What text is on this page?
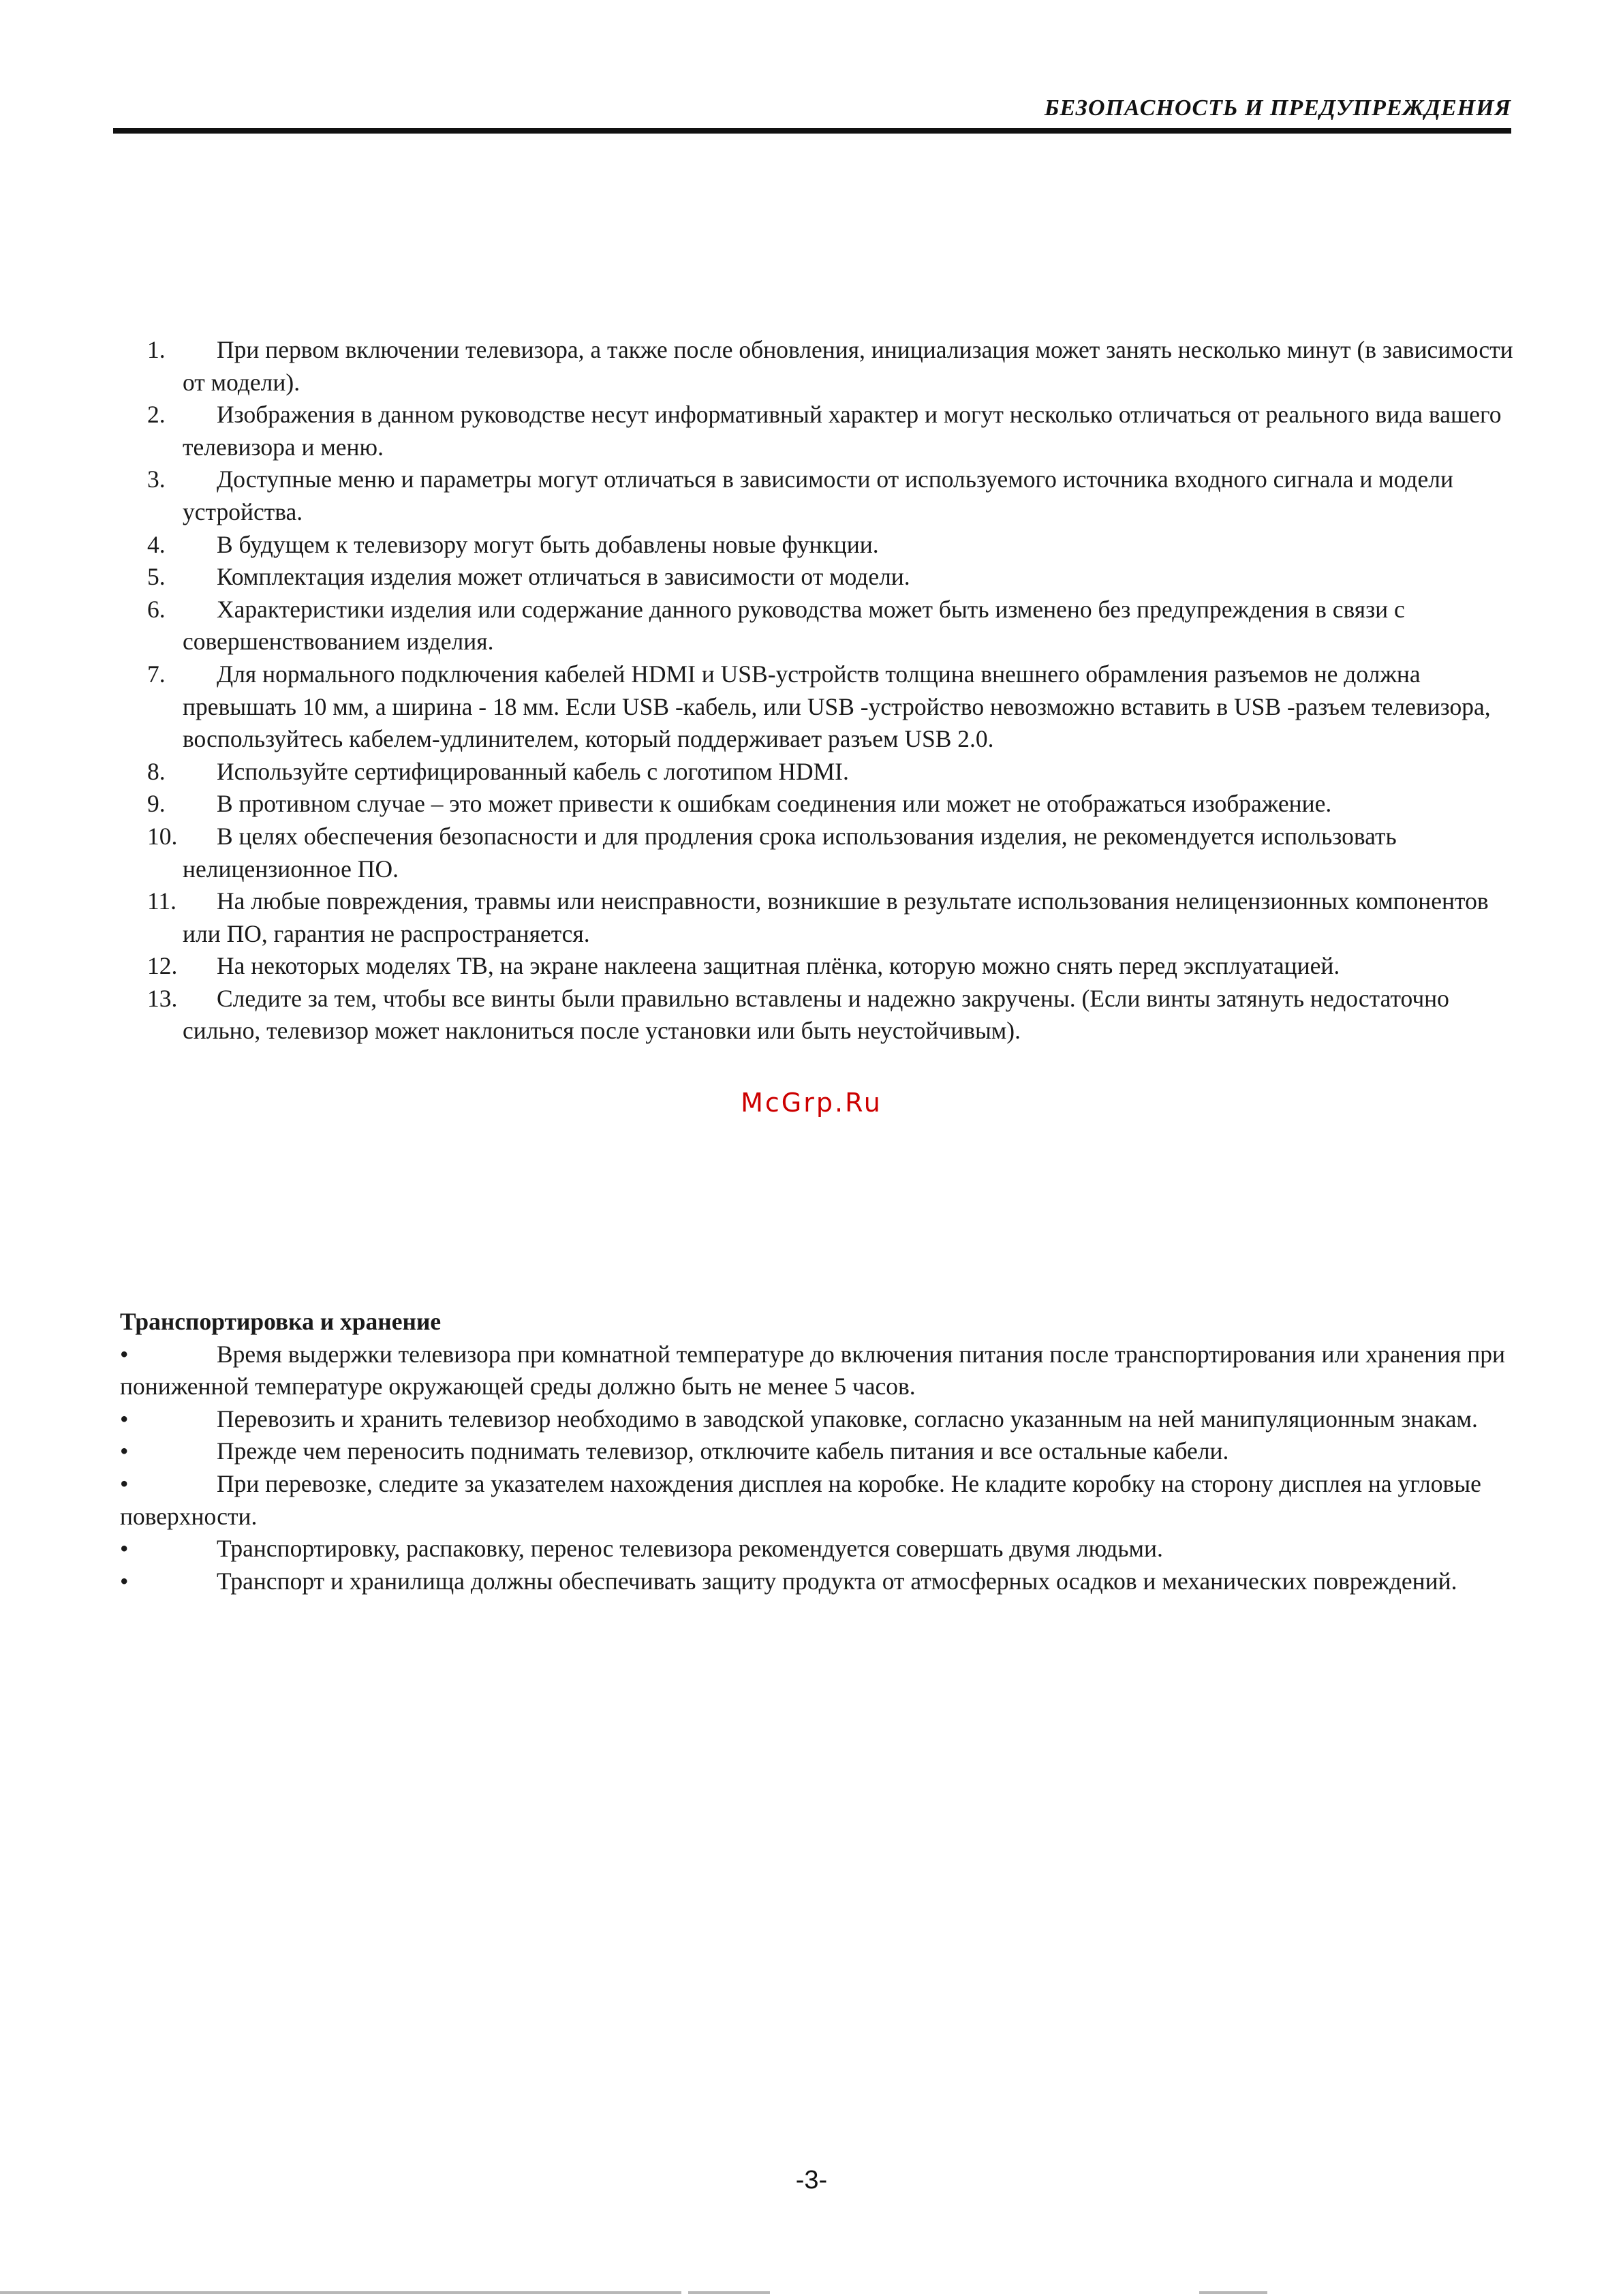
БЕЗОПАСНОСТЬ И ПРЕДУПРЕЖДЕНИЯ
1. При первом включении телевизора, а также после обновления, инициализация может занять несколько минут (в зависимости от модели).
2. Изображения в данном руководстве несут информативный характер и могут несколько отличаться от реального вида вашего телевизора и меню.
3. Доступные меню и параметры могут отличаться в зависимости от используемого источника входного сигнала и модели устройства.
4. В будущем к телевизору могут быть добавлены новые функции.
5. Комплектация изделия может отличаться в зависимости от модели.
6. Характеристики изделия или содержание данного руководства может быть изменено без предупреждения в связи с совершенствованием изделия.
7. Для нормального подключения кабелей HDMI и USB-устройств толщина внешнего обрамления разъемов не должна превышать 10 мм, а ширина - 18 мм. Если USB -кабель, или USB -устройство невозможно вставить в USB -разъем телевизора, воспользуйтесь кабелем-удлинителем, который поддерживает разъем USB 2.0.
8. Используйте сертифицированный кабель с логотипом HDMI.
9. В противном случае – это может привести к ошибкам соединения или может не отображаться изображение.
10. В целях обеспечения безопасности и для продления срока использования изделия, не рекомендуется использовать нелицензионное ПО.
11. На любые повреждения, травмы или неисправности, возникшие в результате использования нелицензионных компонентов или ПО, гарантия не распространяется.
12. На некоторых моделях ТВ, на экране наклеена защитная плёнка, которую можно снять перед эксплуатацией.
13. Следите за тем, чтобы все винты были правильно вставлены и надежно закручены. (Если винты затянуть недостаточно сильно, телевизор может наклониться после установки или быть неустойчивым).
McGrp.Ru

Транспортировка и хранение

•	Время выдержки телевизора при комнатной температуре до включения питания после транспортирования или хранения при пониженной температуре окружающей среды должно быть не менее 5 часов.
•	Перевозить и хранить телевизор необходимо в заводской упаковке, согласно указанным на ней манипуляционным знакам.
•	Прежде чем переносить поднимать телевизор, отключите кабель питания и все остальные кабели.
•	При перевозке, следите за указателем нахождения дисплея на коробке. Не кладите коробку на сторону дисплея на угловые поверхности.
•	Транспортировку, распаковку, перенос телевизора рекомендуется совершать двумя людьми.
•	Транспорт и хранилища должны обеспечивать защиту продукта от атмосферных осадков и механических повреждений.
-3-
